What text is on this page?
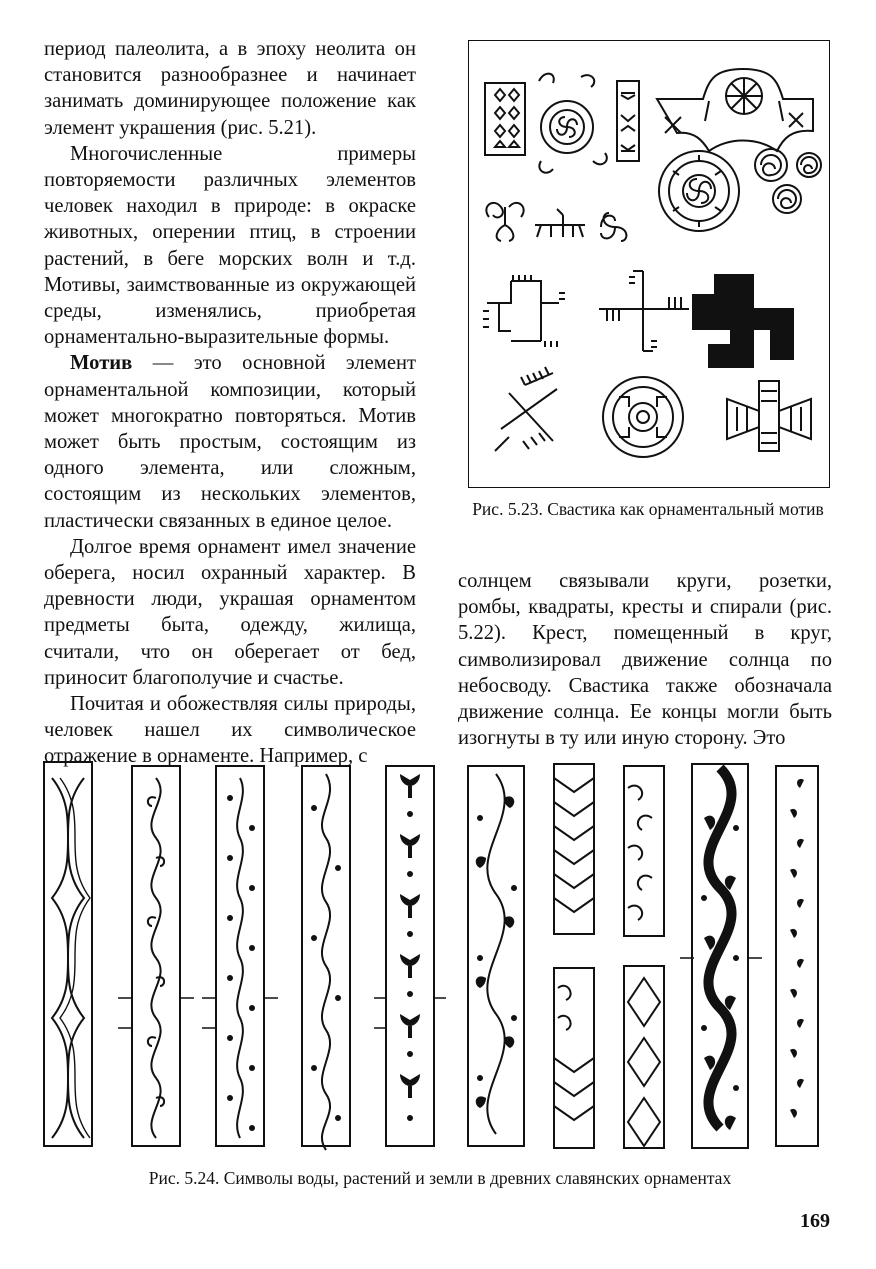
период палеолита, а в эпоху неолита он становится разнообразнее и начинает занимать доминирующее положение как элемент украшения (рис. 5.21).

Многочисленные примеры повторяемости различных элементов человек находил в природе: в окраске животных, оперении птиц, в строении растений, в беге морских волн и т.д. Мотивы, заимствованные из окружающей среды, изменялись, приобретая орнаментально-выразительные формы.

Мотив — это основной элемент орнаментальной композиции, который может многократно повторяться. Мотив может быть простым, состоящим из одного элемента, или сложным, состоящим из нескольких элементов, пластически связанных в единое целое.

Долгое время орнамент имел значение оберега, носил охранный характер. В древности люди, украшая орнаментом предметы быта, одежду, жилища, считали, что он оберегает от бед, приносит благополучие и счастье.

Почитая и обожествляя силы природы, человек нашел их символическое отражение в орнаменте. Например, с

Рис. 5.23. Свастика как орнаментальный мотив

солнцем связывали круги, розетки, ромбы, квадраты, кресты и спирали (рис. 5.22). Крест, помещенный в круг, символизировал движение солнца по небосводу. Свастика также обозначала движение солнца. Ее концы могли быть изогнуты в ту или иную сторону. Это

Рис. 5.24. Символы воды, растений и земли в древних славянских орнаментах
169
